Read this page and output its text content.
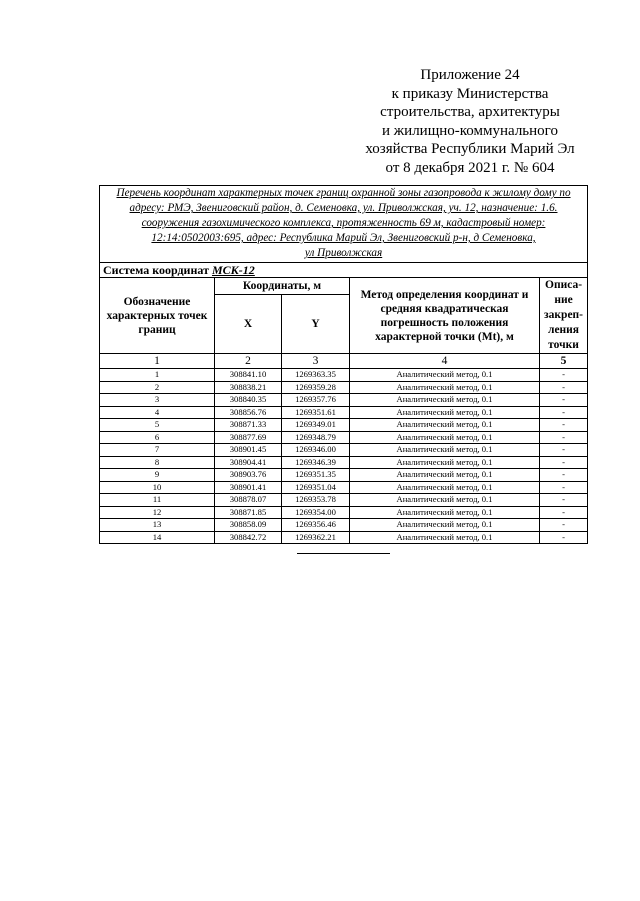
Приложение 24
к приказу Министерства
строительства, архитектуры
и жилищно-коммунального
хозяйства Республики Марий Эл
от 8 декабря 2021 г. № 604
Перечень координат характерных точек границ охранной зоны газопровода к жилому дому по
адресу: РМЭ, Звениговский район, д. Семеновка, ул. Приволжская, уч. 12, назначение: 1.6.
сооружения газохимического комплекса, протяженность 69 м, кадастровый номер:
12:14:0502003:695, адрес: Республика Марий Эл, Звениговский р-н, д Семеновка,
ул Приволжская				

Система координат МСК-12				
Обозначение характерных точек границ	Координаты, м		Метод определения координат и средняя квадратическая погрешность положения характерной точки (Mt), м	Описа-ние закреп-ления точки
	X	Y		
1	2	3	4	5
1	308841.10	1269363.35	Аналитический метод, 0.1	-
2	308838.21	1269359.28	Аналитический метод, 0.1	-
3	308840.35	1269357.76	Аналитический метод, 0.1	-
4	308856.76	1269351.61	Аналитический метод, 0.1	-
5	308871.33	1269349.01	Аналитический метод, 0.1	-
6	308877.69	1269348.79	Аналитический метод, 0.1	-
7	308901.45	1269346.00	Аналитический метод, 0.1	-
8	308904.41	1269346.39	Аналитический метод, 0.1	-
9	308903.76	1269351.35	Аналитический метод, 0.1	-
10	308901.41	1269351.04	Аналитический метод, 0.1	-
11	308878.07	1269353.78	Аналитический метод, 0.1	-
12	308871.85	1269354.00	Аналитический метод, 0.1	-
13	308858.09	1269356.46	Аналитический метод, 0.1	-
14	308842.72	1269362.21	Аналитический метод, 0.1	-
